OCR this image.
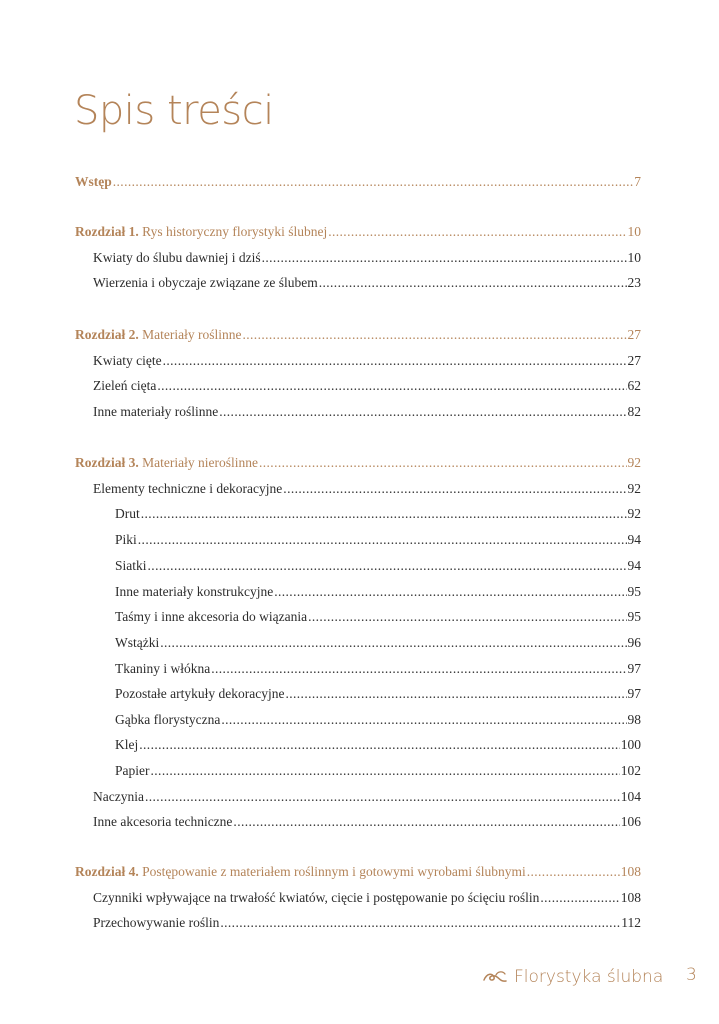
Spis treści
Wstęp .....	7
Rozdział 1. Rys historyczny florystyki ślubnej .....	10
Kwiaty do ślubu dawniej i dziś .....	10
Wierzenia i obyczaje związane ze ślubem .....	23
Rozdział 2. Materiały roślinne .....	27
Kwiaty cięte .....	27
Zieleń cięta .....	62
Inne materiały roślinne .....	82
Rozdział 3. Materiały nieroślinne .....	92
Elementy techniczne i dekoracyjne .....	92
Drut .....	92
Piki .....	94
Siatki .....	94
Inne materiały konstrukcyjne .....	95
Taśmy i inne akcesoria do wiązania .....	95
Wstążki .....	96
Tkaniny i włókna .....	97
Pozostałe artykuły dekoracyjne .....	97
Gąbka florystyczna .....	98
Klej .....	100
Papier .....	102
Naczynia .....	104
Inne akcesoria techniczne .....	106
Rozdział 4. Postępowanie z materiałem roślinnym i gotowymi wyrobami ślubnymi .....	108
Czynniki wpływające na trwałość kwiatów, cięcie i postępowanie po ścięciu roślin .....	108
Przechowywanie roślin .....	112
Florystyka ślubna 3
